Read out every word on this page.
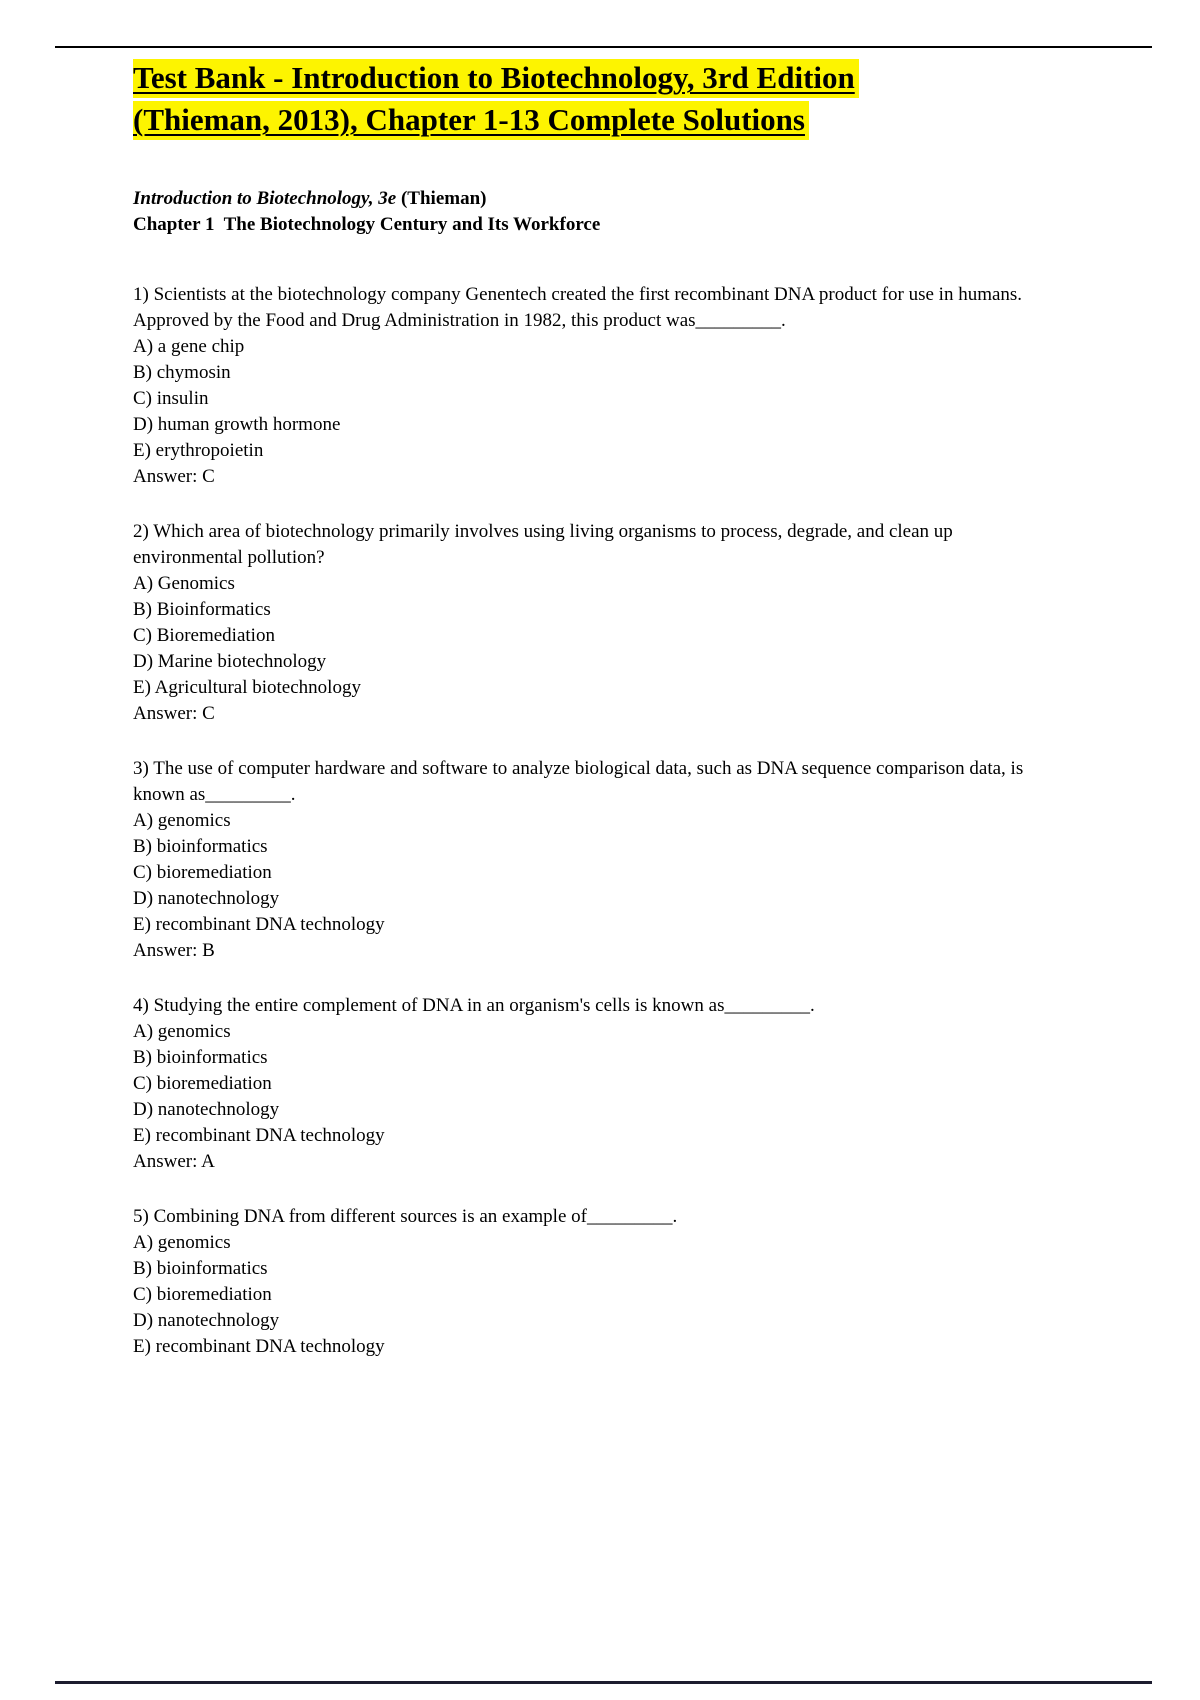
Test Bank - Introduction to Biotechnology, 3rd Edition
(Thieman, 2013), Chapter 1-13 Complete Solutions
Introduction to Biotechnology, 3e (Thieman)
Chapter 1  The Biotechnology Century and Its Workforce

1) Scientists at the biotechnology company Genentech created the first recombinant DNA product for use in humans. Approved by the Food and Drug Administration in 1982, this product was_________.

A) a gene chip
B) chymosin
C) insulin
D) human growth hormone
E) erythropoietin
Answer: C

2) Which area of biotechnology primarily involves using living organisms to process, degrade, and clean up environmental pollution?

A) Genomics
B) Bioinformatics
C) Bioremediation
D) Marine biotechnology
E) Agricultural biotechnology
Answer: C

3) The use of computer hardware and software to analyze biological data, such as DNA sequence comparison data, is known as_________.

A) genomics
B) bioinformatics
C) bioremediation
D) nanotechnology
E) recombinant DNA technology
Answer: B

4) Studying the entire complement of DNA in an organism's cells is known as_________.

A) genomics
B) bioinformatics
C) bioremediation
D) nanotechnology
E) recombinant DNA technology
Answer: A

5) Combining DNA from different sources is an example of_________.

A) genomics
B) bioinformatics
C) bioremediation
D) nanotechnology
E) recombinant DNA technology
